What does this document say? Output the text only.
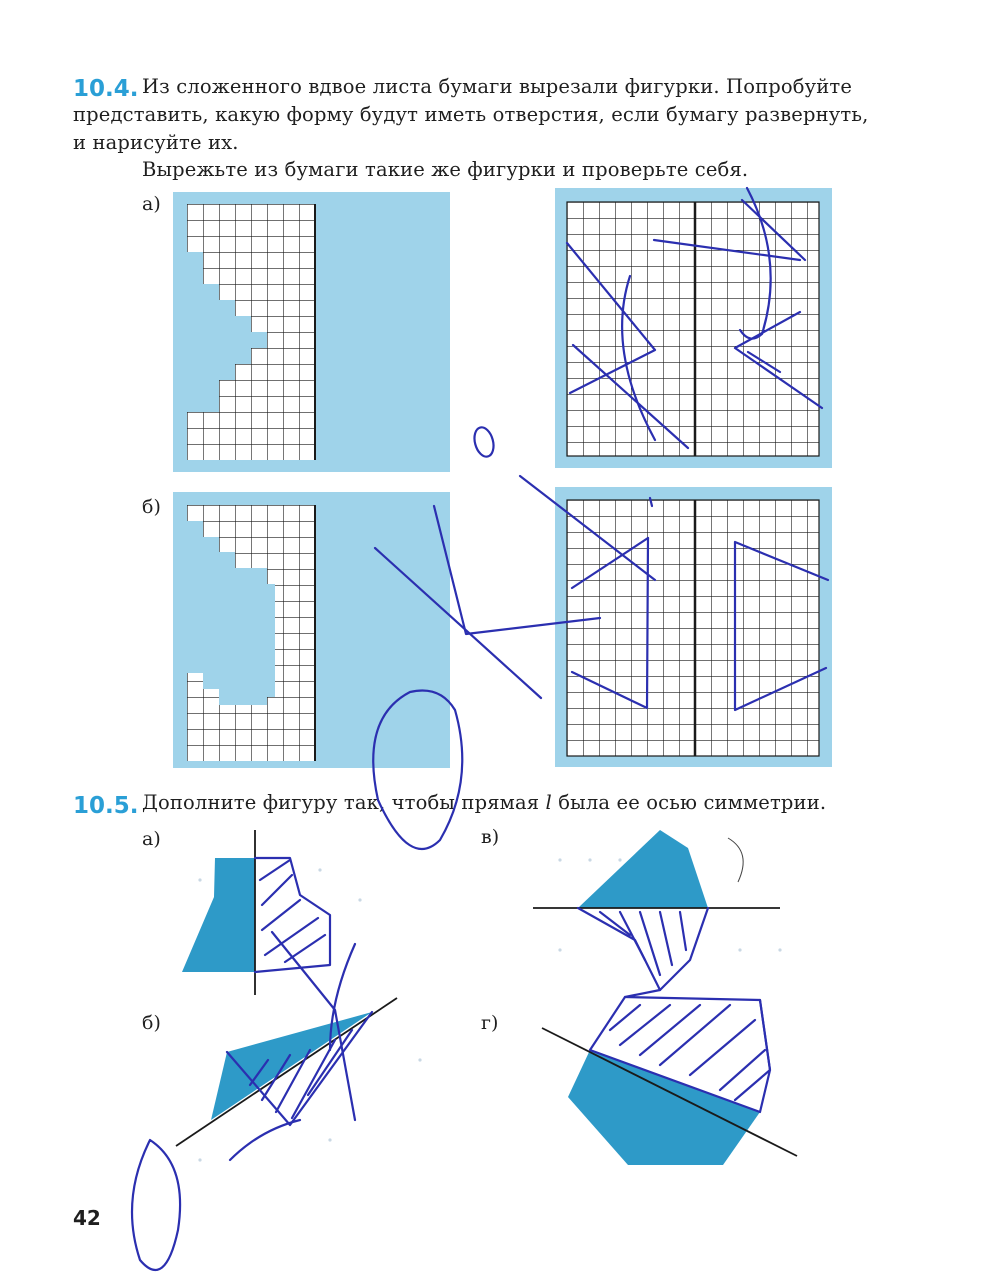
10.4. Из сложенного вдвое листа бумаги вырезали фигурки. Попробуйте
представить, какую форму будут иметь отверстия, если бумагу развернуть,
и нарисуйте их.
Вырежьте из бумаги такие же фигурки и проверьте себя.
а)
б)
10.5. Дополните фигуру так, чтобы прямая l была ее осью симметрии.
а)
б)
в)
г)
42
